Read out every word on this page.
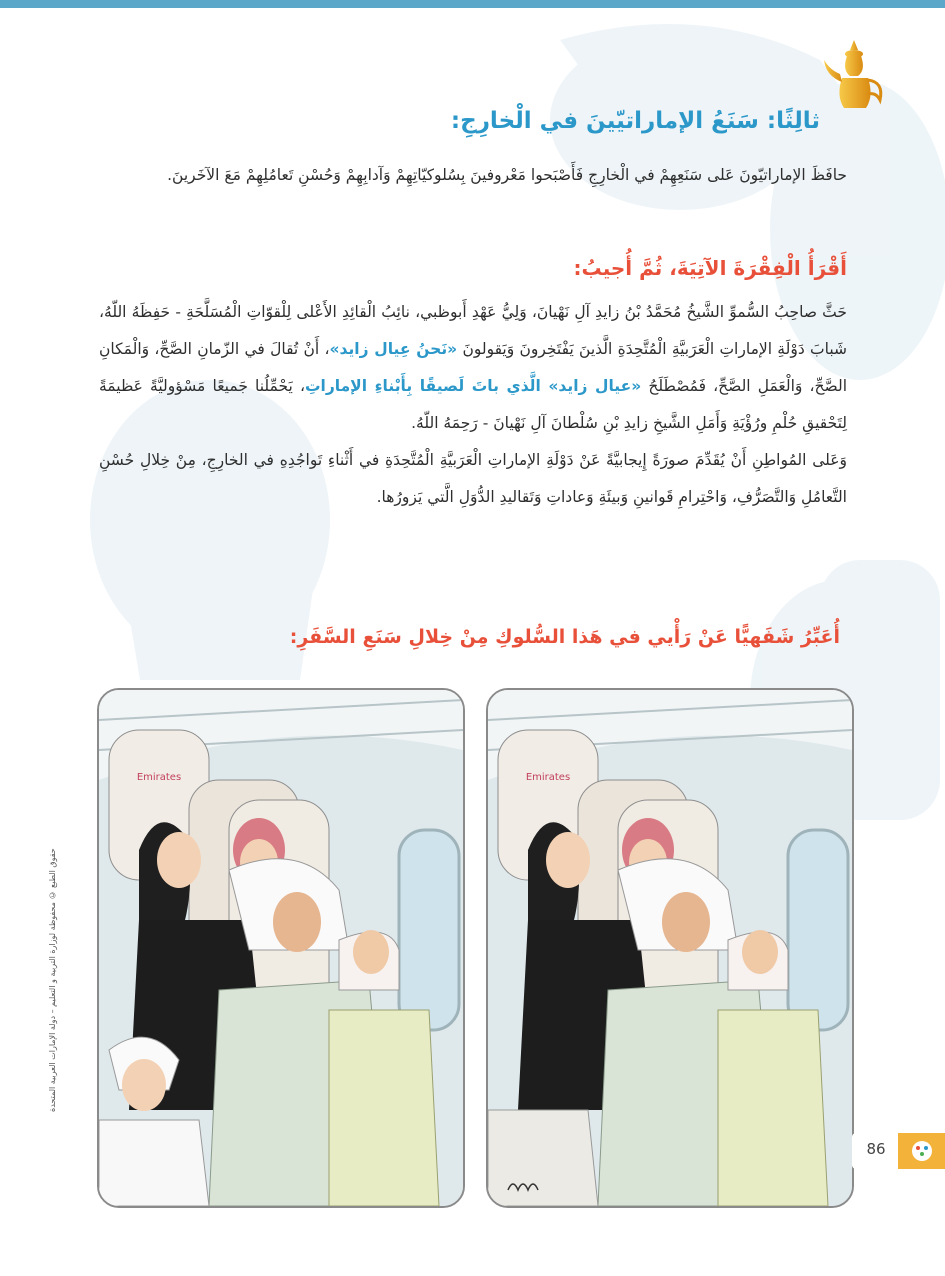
ثالِثًا: سَنَعُ الإماراتيّينَ في الْخارِجِ:
حافَظَ الإماراتيّونَ عَلى سَنَعِهِمْ في الْخارِجِ فَأَصْبَحوا مَعْروفينَ بِسُلوكيّاتِهِمْ وَآدابِهِمْ وَحُسْنِ تَعامُلِهِمْ مَعَ الآخَرينَ.
أَقْرَأُ الْفِقْرَةَ الآتِيَةَ، ثُمَّ أُجيبُ:
حَثَّ صاحِبُ السُّموِّ الشَّيخُ مُحَمَّدُ بْنُ زايدِ آلِ نَهْيانَ، وَلِيُّ عَهْدِ أَبوظبي، نائِبُ الْقائِدِ الأَعْلى لِلْقوّاتِ الْمُسَلَّحَةِ - حَفِظَهُ اللّهُ، شَبابَ دَوْلَةِ الإماراتِ الْعَرَبيَّةِ الْمُتَّحِدَةِ الَّذينَ يَفْتَخِرونَ وَيَقولونَ «نَحنُ عِيال زايد»، أَنْ تُقالَ في الزّمانِ الصَّحِّ، وَالْمَكانِ الصَّحِّ، وَالْعَمَلِ الصَّحِّ، فَمُصْطَلَحُ «عيال زايد» الَّذي باتَ لَصيقًا بِأَبْناءِ الإماراتِ، يَحْمِّلُنا جَميعًا مَسْؤوليَّةً عَظيمَةً لِتَحْقيقِ حُلْمِ ورُؤْيَةِ وَأَمَلِ الشَّيخِ زايدِ بْنِ سُلْطانَ آلِ نَهْيانَ - رَحِمَهُ اللّهُ.
وَعَلى المُواطِنِ أَنْ يُقَدِّمَ صورَةً إِيجابيَّةً عَنْ دَوْلَةِ الإماراتِ الْعَرَبيَّةِ الْمُتَّحِدَةِ في أَثْناءِ تَواجُدِهِ في الخارِجِ، مِنْ خِلالِ حُسْنِ التَّعامُلِ وَالتَّصَرُّفِ، وَاحْتِرامِ قَوانينِ وَبيئَةِ وَعاداتِ وَتَقاليدِ الدُّوَلِ الَّتي يَزورُها.
أُعَبِّرُ شَفَهيًّا عَنْ رَأْيي في هَذا السُّلوكِ مِنْ خِلالِ سَنَعِ السَّفَرِ:
Emirates	Emirates
حقوق الطبع © محفوظة لوزارة التربية و التعليم – دولة الإمارات العربية المتحدة
86
